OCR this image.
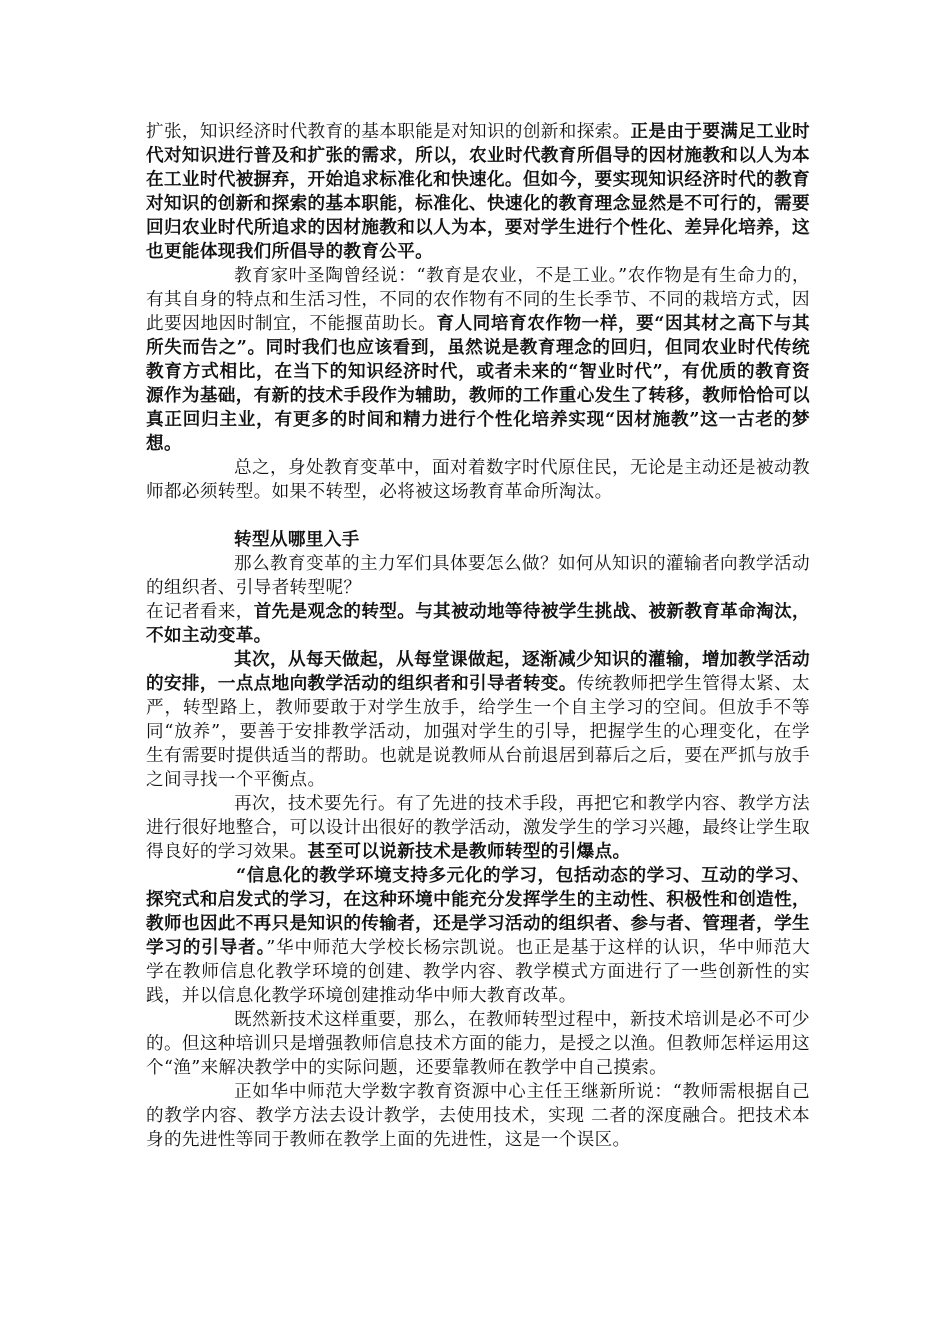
扩张，知识经济时代教育的基本职能是对知识的创新和探索。正是由于要满足工业时代对知识进行普及和扩张的需求，所以，农业时代教育所倡导的因材施教和以人为本在工业时代被摒弃，开始追求标准化和快速化。但如今，要实现知识经济时代的教育对知识的创新和探索的基本职能，标准化、快速化的教育理念显然是不可行的，需要回归农业时代所追求的因材施教和以人为本，要对学生进行个性化、差异化培养，这也更能体现我们所倡导的教育公平。

教育家叶圣陶曾经说：“教育是农业，不是工业。”农作物是有生命力的，有其自身的特点和生活习性，不同的农作物有不同的生长季节、不同的栽培方式，因此要因地因时制宜，不能揠苗助长。育人同培育农作物一样，要“因其材之高下与其所失而告之”。同时我们也应该看到，虽然说是教育理念的回归，但同农业时代传统教育方式相比，在当下的知识经济时代，或者未来的“智业时代”，有优质的教育资源作为基础，有新的技术手段作为辅助，教师的工作重心发生了转移，教师恰恰可以真正回归主业，有更多的时间和精力进行个性化培养实现“因材施教”这一古老的梦想。

总之，身处教育变革中，面对着数字时代原住民，无论是主动还是被动教师都必须转型。如果不转型，必将被这场教育革命所淘汰。

转型从哪里入手

那么教育变革的主力军们具体要怎么做？如何从知识的灌输者向教学活动的组织者、引导者转型呢？

在记者看来，首先是观念的转型。与其被动地等待被学生挑战、被新教育革命淘汰，不如主动变革。

其次，从每天做起，从每堂课做起，逐渐减少知识的灌输，增加教学活动的安排，一点点地向教学活动的组织者和引导者转变。传统教师把学生管得太紧、太严，转型路上，教师要敢于对学生放手，给学生一个自主学习的空间。但放手不等同“放养”，要善于安排教学活动，加强对学生的引导，把握学生的心理变化，在学生有需要时提供适当的帮助。也就是说教师从台前退居到幕后之后，要在严抓与放手之间寻找一个平衡点。

再次，技术要先行。有了先进的技术手段，再把它和教学内容、教学方法进行很好地整合，可以设计出很好的教学活动，激发学生的学习兴趣，最终让学生取得良好的学习效果。甚至可以说新技术是教师转型的引爆点。

“信息化的教学环境支持多元化的学习，包括动态的学习、互动的学习、探究式和启发式的学习，在这种环境中能充分发挥学生的主动性、积极性和创造性，教师也因此不再只是知识的传输者，还是学习活动的组织者、参与者、管理者，学生学习的引导者。”华中师范大学校长杨宗凯说。也正是基于这样的认识，华中师范大学在教师信息化教学环境的创建、教学内容、教学模式方面进行了一些创新性的实践，并以信息化教学环境创建推动华中师大教育改革。

既然新技术这样重要，那么，在教师转型过程中，新技术培训是必不可少的。但这种培训只是增强教师信息技术方面的能力，是授之以渔。但教师怎样运用这个“渔”来解决教学中的实际问题，还要靠教师在教学中自己摸索。

正如华中师范大学数字教育资源中心主任王继新所说：“教师需根据自己的教学内容、教学方法去设计教学，去使用技术，实现 二者的深度融合。把技术本身的先进性等同于教师在教学上面的先进性，这是一个误区。
